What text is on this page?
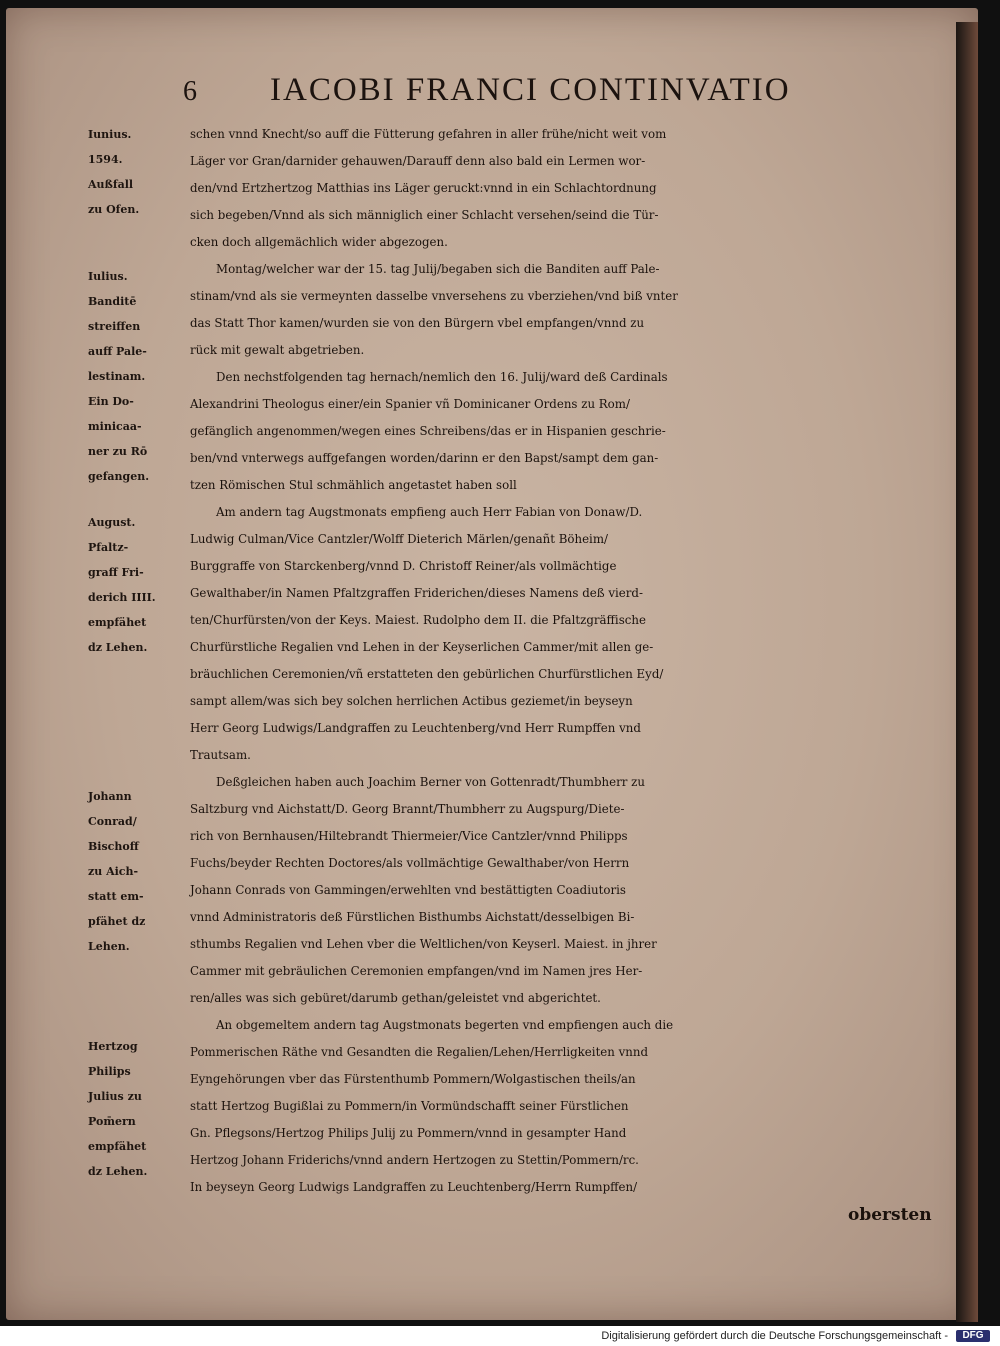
6 IACOBI FRANCI CONTINVATIO
Iunius.
1594.
Außfall
zu Ofen.
Iulius.
Banditē
streiffen
auff Pale-
lestinam.
Ein Do-
minicaa-
ner zu Rō
gefangen.
August.
Pfaltz-
graff Fri-
derich IIII.
empfähet
dz Lehen.
Johann
Conrad/
Bischoff
zu Aich-
statt em-
pfähet dz
Lehen.
Hertzog
Philips
Julius zu
Pom̄ern
empfähet
dz Lehen.
schen vnnd Knecht/so auff die Fütterung gefahren in aller frühe/nicht weit vom
Läger vor Gran/darnider gehauwen/Darauff denn also bald ein Lermen wor-
den/vnd Ertzhertzog Matthias ins Läger geruckt:vnnd in ein Schlachtordnung
sich begeben/Vnnd als sich männiglich einer Schlacht versehen/seind die Tür-
cken doch allgemächlich wider abgezogen.
Montag/welcher war der 15. tag Julij/begaben sich die Banditen auff Pale-
stinam/vnd als sie vermeynten dasselbe vnversehens zu vberziehen/vnd biß vnter
das Statt Thor kamen/wurden sie von den Bürgern vbel empfangen/vnnd zu
rück mit gewalt abgetrieben.
Den nechstfolgenden tag hernach/nemlich den 16. Julij/ward deß Cardinals
Alexandrini Theologus einer/ein Spanier vñ Dominicaner Ordens zu Rom/
gefänglich angenommen/wegen eines Schreibens/das er in Hispanien geschrie-
ben/vnd vnterwegs auffgefangen worden/darinn er den Bapst/sampt dem gan-
tzen Römischen Stul schmählich angetastet haben soll
Am andern tag Augstmonats empfieng auch Herr Fabian von Donaw/D.
Ludwig Culman/Vice Cantzler/Wolff Dieterich Märlen/genañt Böheim/
Burggraffe von Starckenberg/vnnd D. Christoff Reiner/als vollmächtige
Gewalthaber/in Namen Pfaltzgraffen Friderichen/dieses Namens deß vierd-
ten/Churfürsten/von der Keys. Maiest. Rudolpho dem II. die Pfaltzgräffische
Churfürstliche Regalien vnd Lehen in der Keyserlichen Cammer/mit allen ge-
bräuchlichen Ceremonien/vñ erstatteten den gebürlichen Churfürstlichen Eyd/
sampt allem/was sich bey solchen herrlichen Actibus geziemet/in beyseyn
Herr Georg Ludwigs/Landgraffen zu Leuchtenberg/vnd Herr Rumpffen vnd
Trautsam.
Deßgleichen haben auch Joachim Berner von Gottenradt/Thumbherr zu
Saltzburg vnd Aichstatt/D. Georg Brannt/Thumbherr zu Augspurg/Diete-
rich von Bernhausen/Hiltebrandt Thiermeier/Vice Cantzler/vnnd Philipps
Fuchs/beyder Rechten Doctores/als vollmächtige Gewalthaber/von Herrn
Johann Conrads von Gammingen/erwehlten vnd bestättigten Coadiutoris
vnnd Administratoris deß Fürstlichen Bisthumbs Aichstatt/desselbigen Bi-
sthumbs Regalien vnd Lehen vber die Weltlichen/von Keyserl. Maiest. in jhrer
Cammer mit gebräulichen Ceremonien empfangen/vnd im Namen jres Her-
ren/alles was sich gebüret/darumb gethan/geleistet vnd abgerichtet.
An obgemeltem andern tag Augstmonats begerten vnd empfiengen auch die
Pommerischen Räthe vnd Gesandten die Regalien/Lehen/Herrligkeiten vnnd
Eyngehörungen vber das Fürstenthumb Pommern/Wolgastischen theils/an
statt Hertzog Bugißlai zu Pommern/in Vormündschafft seiner Fürstlichen
Gn. Pflegsons/Hertzog Philips Julij zu Pommern/vnnd in gesampter Hand
Hertzog Johann Friderichs/vnnd andern Hertzogen zu Stettin/Pommern/rc.
In beyseyn Georg Ludwigs Landgraffen zu Leuchtenberg/Herrn Rumpffen/
obersten
Digitalisierung gefördert durch die Deutsche Forschungsgemeinschaft -	DFG
